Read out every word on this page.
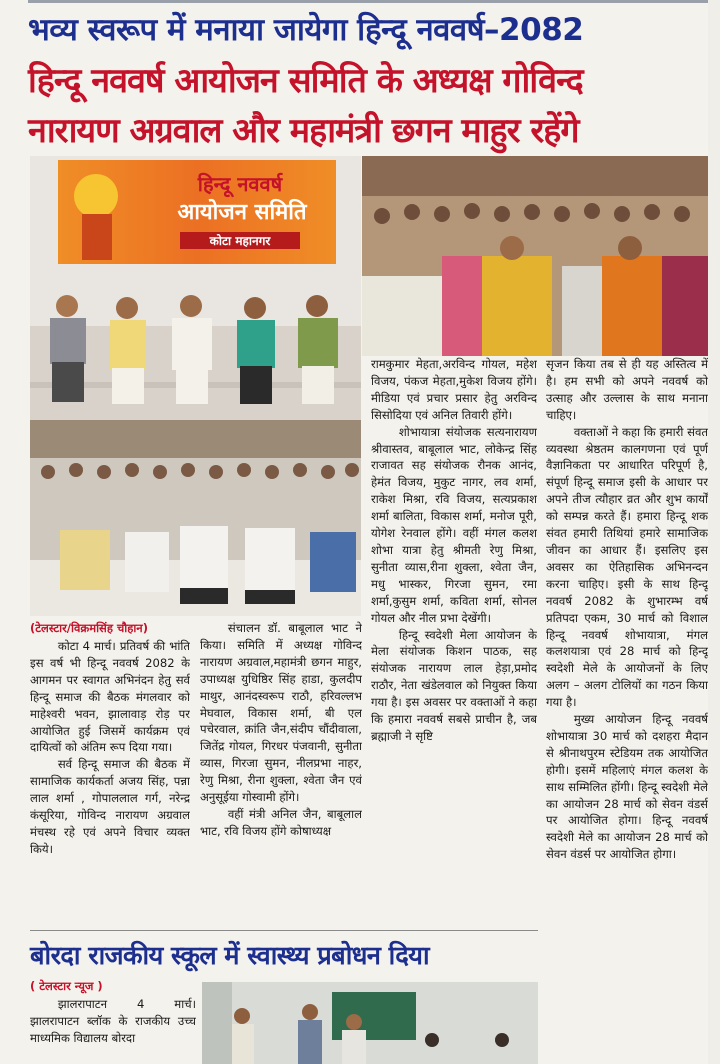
भव्य स्वरूप में मनाया जायेगा हिन्दू नववर्ष–2082
हिन्दू नववर्ष आयोजन समिति के अध्यक्ष गोविन्द
नारायण अग्रवाल और महामंत्री छगन माहुर रहेंगे
हिन्दू नववर्ष
आयोजन समिति
कोटा महानगर
(टेलस्टार/विक्रमसिंह चौहान)

कोटा 4 मार्च। प्रतिवर्ष की भांति इस वर्ष भी हिन्दू नववर्ष 2082 के आगमन पर स्वागत अभिनंदन हेतु सर्व हिन्दू समाज की बैठक मंगलवार को माहेश्वरी भवन, झालावाड़ रोड़ पर आयोजित हुई जिसमें कार्यक्रम एवं दायित्वों को अंतिम रूप दिया गया।

सर्व हिन्दू समाज की बैठक में सामाजिक कार्यकर्ता अजय सिंह, पन्ना लाल शर्मा , गोपाललाल गर्ग, नरेन्द्र कंसूरिया, गोविन्द नारायण अग्रवाल मंचस्थ रहे एवं अपने विचार व्यक्त किये।

संचालन डॉ. बाबूलाल भाट ने किया। समिति में अध्यक्ष गोविन्द नारायण अग्रवाल,महामंत्री छगन माहुर, उपाध्यक्ष युधिष्ठिर सिंह हाडा, कुलदीप माथुर, आनंदस्वरूप राठौ, हरिवल्लभ मेघवाल, विकास शर्मा, बी एल पचेरवाल, क्रांति जैन,संदीप चौंदीवाला, जितेंद्र गोयल, गिरधर पंजवानी, सुनीता व्यास, गिरजा सुमन, नीलप्रभा नाहर, रेणु मिश्रा, रीना शुक्ला, श्वेता जैन एवं अनुसूईया गोस्वामी होंगे।

वहीं मंत्री अनिल जैन, बाबूलाल भाट, रवि विजय होंगे कोषाध्यक्ष

रामकुमार मेहता,अरविन्द गोयल, महेश विजय, पंकज मेहता,मुकेश विजय होंगे। मीडिया एवं प्रचार प्रसार हेतु अरविन्द सिसोदिया एवं अनिल तिवारी होंगे।

शोभायात्रा संयोजक सत्यनारायण श्रीवास्तव, बाबूलाल भाट, लोकेन्द्र सिंह राजावत सह संयोजक रौनक आनंद, हेमंत विजय, मुकुट नागर, लव शर्मा, राकेश मिश्रा, रवि विजय, सत्यप्रकाश शर्मा बालिता, विकास शर्मा, मनोज पूरी, योगेश रेनवाल होंगे। वहीं मंगल कलश शोभा यात्रा हेतु श्रीमती रेणु मिश्रा, सुनीता व्यास,रीना शुक्ला, श्वेता जैन, मधु भास्कर, गिरजा सुमन, रमा शर्मा,कुसुम शर्मा, कविता शर्मा, सोनल गोयल और नील प्रभा देखेंगी।

हिन्दू स्वदेशी मेला आयोजन के मेला संयोजक किशन पाठक, सह संयोजक नारायण लाल हेड़ा,प्रमोद राठौर, नेता खंडेलवाल को नियुक्त किया गया है। इस अवसर पर वक्ताओं ने कहा कि हमारा नववर्ष सबसे प्राचीन है, जब ब्रह्माजी ने सृष्टि

सृजन किया तब से ही यह अस्तित्व में है। हम सभी को अपने नववर्ष को उत्साह और उल्लास के साथ मनाना चाहिए।

वक्ताओं ने कहा कि हमारी संवत व्यवस्था श्रेष्ठतम कालगणना एवं पूर्ण वैज्ञानिकता पर आधारित परिपूर्ण है, संपूर्ण हिन्दू समाज इसी के आधार पर अपने तीज त्यौहार व्रत और शुभ कार्यों को सम्पन्न करते हैं। हमारा हिन्दू शक संवत हमारी तिथियां हमारे सामाजिक जीवन का आधार हैं। इसलिए इस अवसर का ऐतिहासिक अभिनन्दन करना चाहिए। इसी के साथ हिन्दू नववर्ष 2082 के शुभारम्भ वर्ष प्रतिपदा एकम, 30 मार्च को विशाल हिन्दू नववर्ष शोभायात्रा, मंगल कलशयात्रा एवं 28 मार्च को हिन्दू स्वदेशी मेले के आयोजनों के लिए अलग – अलग टोलियों का गठन किया गया है।

मुख्य आयोजन हिन्दू नववर्ष शोभायात्रा 30 मार्च को दशहरा मैदान से श्रीनाथपुरम स्टेडियम तक आयोजित होगी। इसमें महिलाएं मंगल कलश के साथ सम्मिलित होंगी। हिन्दू स्वदेशी मेले का आयोजन 28 मार्च को सेवन वंडर्स पर आयोजित होगा। हिन्दू नववर्ष स्वदेशी मेले का आयोजन 28 मार्च को सेवन वंडर्स पर आयोजित होगा।

बोरदा राजकीय स्कूल में स्वास्थ्य प्रबोधन दिया
( टेलस्टार न्यूज )

झालरापाटन 4 मार्च। झालरापाटन ब्लॉक के राजकीय उच्च माध्यमिक विद्यालय बोरदा
